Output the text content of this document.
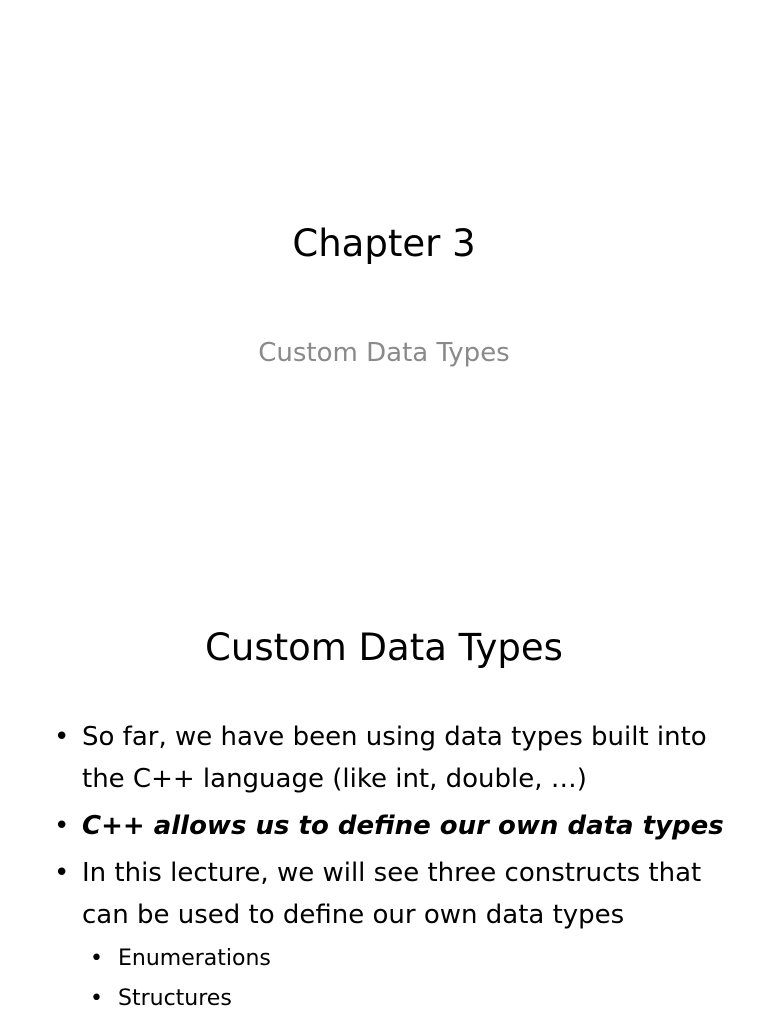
Chapter 3

Custom Data Types

Custom Data Types
• So far, we have been using data types built into the C++ language (like int, double, …)
• C++ allows us to define our own data types
• In this lecture, we will see three constructs that can be used to define our own data types
• Enumerations
• Structures
